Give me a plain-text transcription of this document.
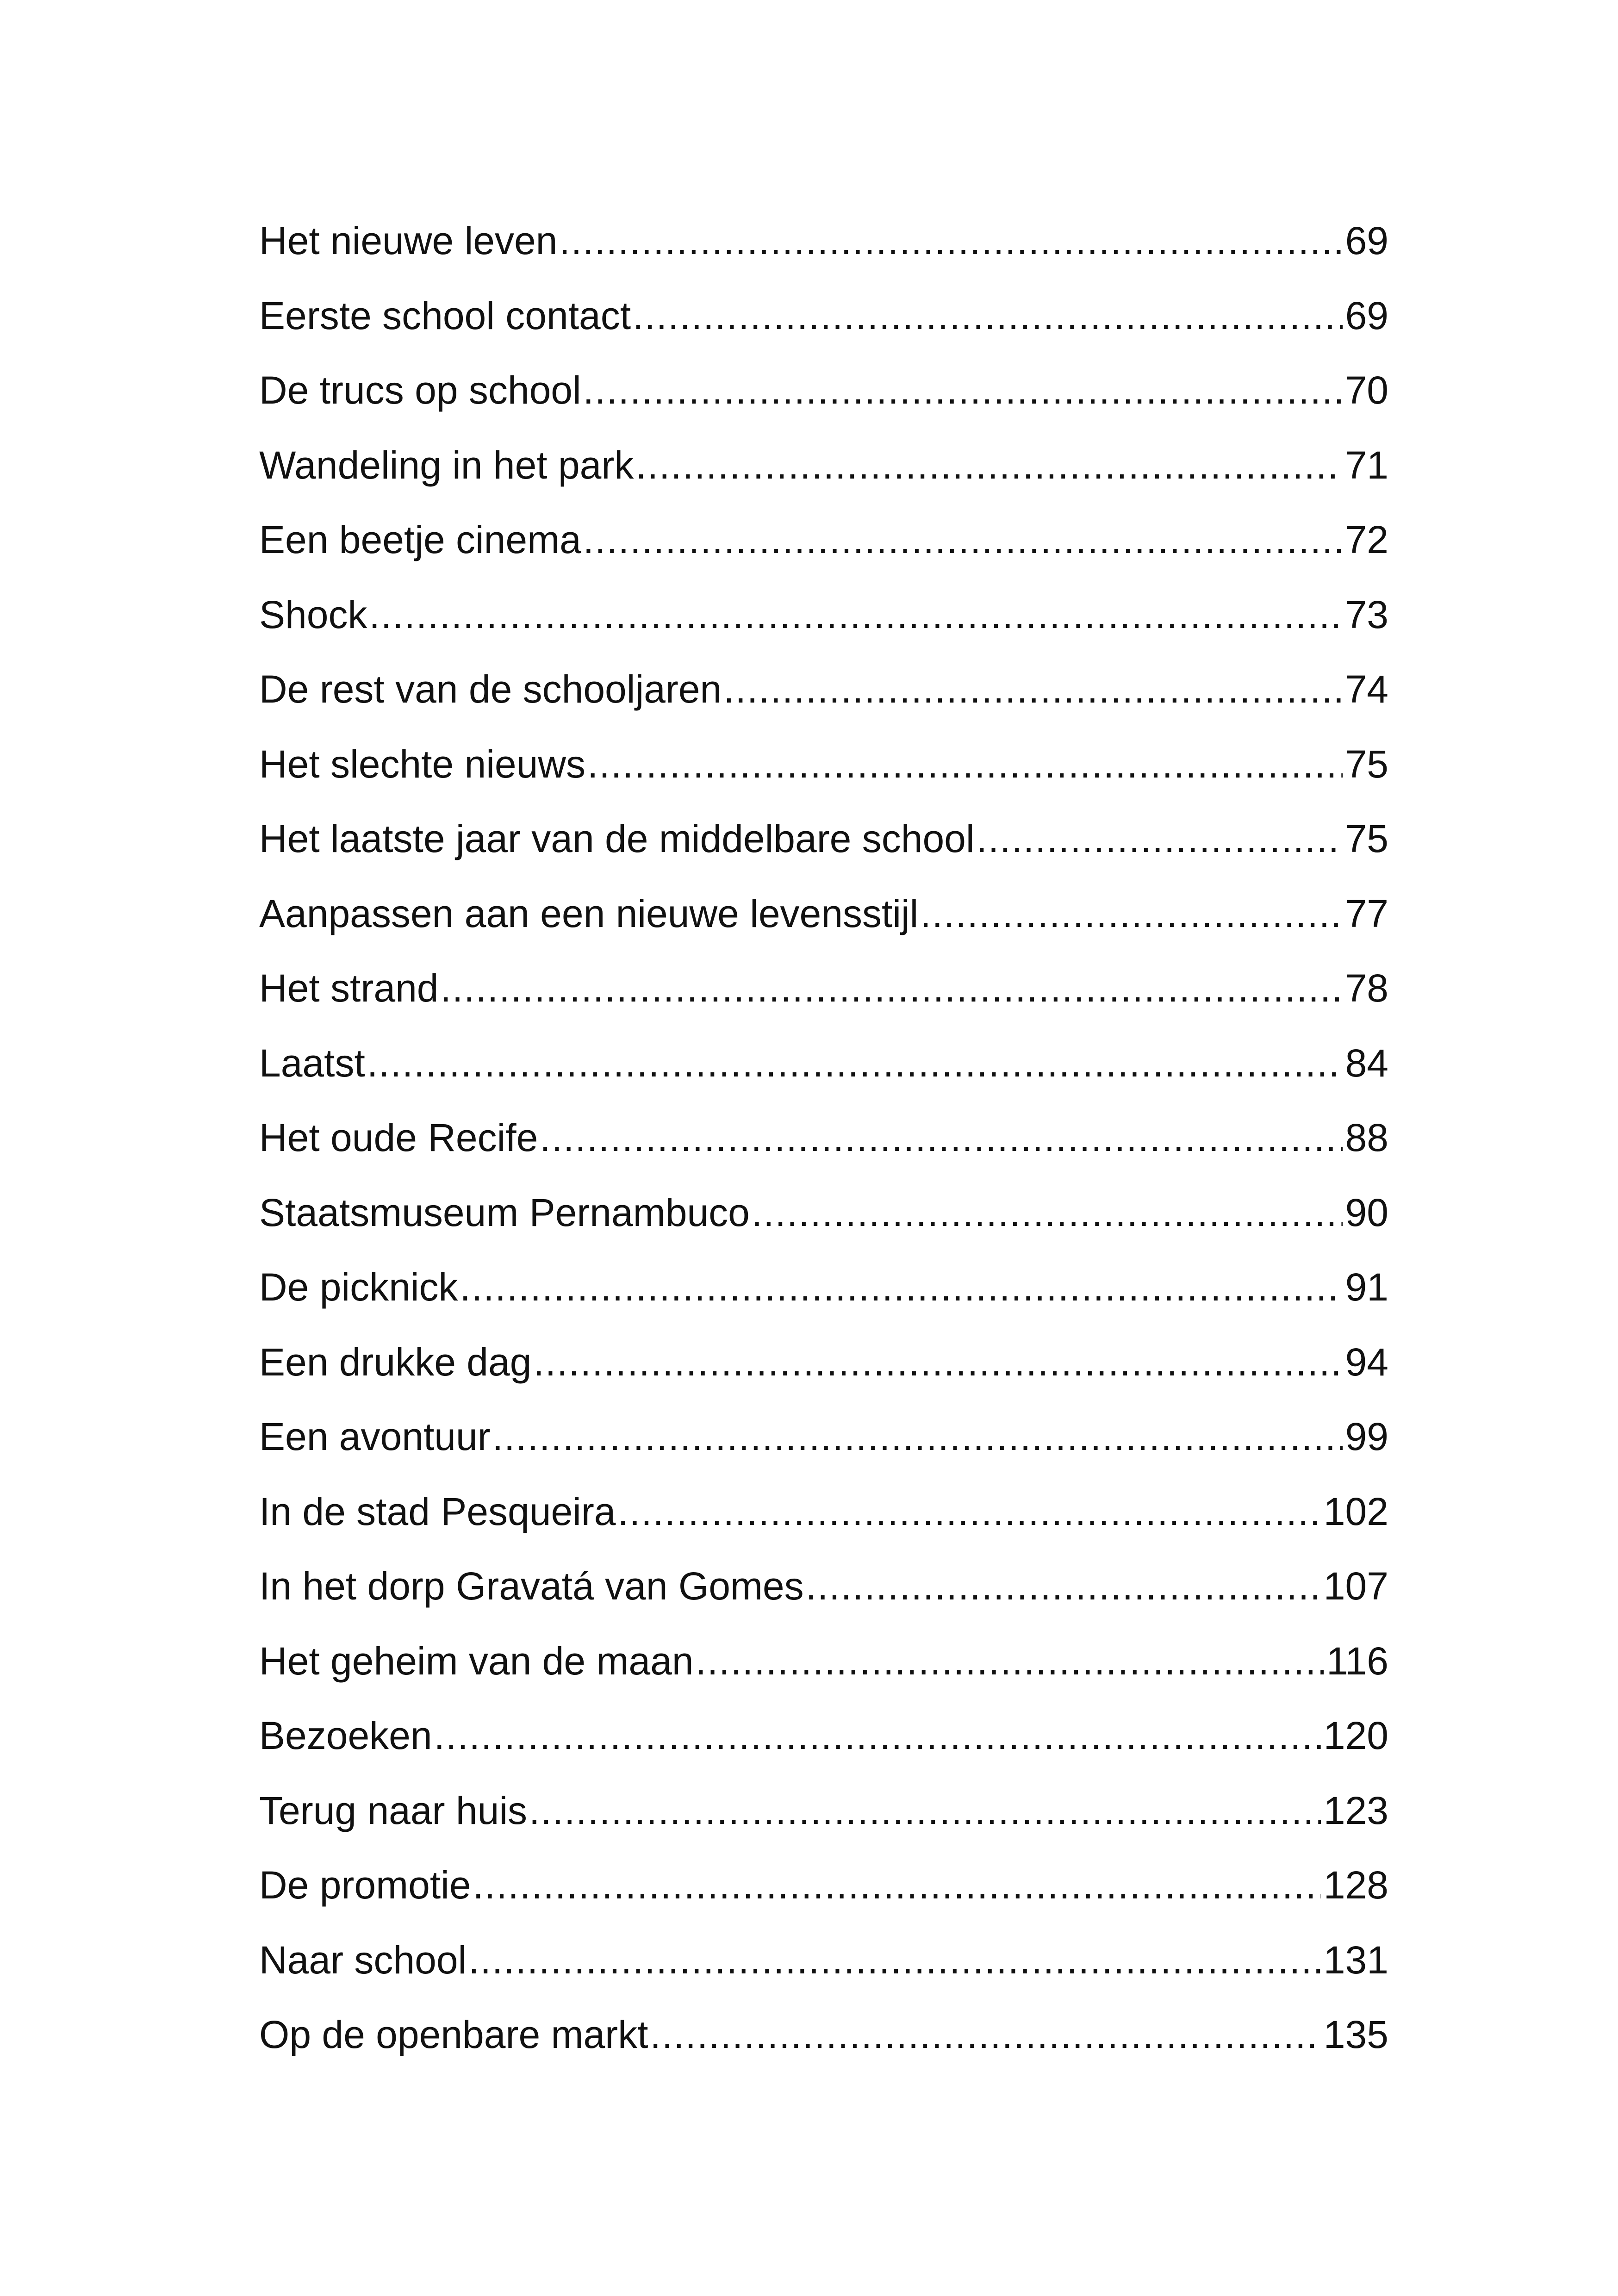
Het nieuwe leven .....	69
Eerste school contact .....	69
De trucs op school .....	70
Wandeling in het park .....	71
Een beetje cinema .....	72
Shock .....	73
De rest van de schooljaren .....	74
Het slechte nieuws .....	75
Het laatste jaar van de middelbare school .....	75
Aanpassen aan een nieuwe levensstijl .....	77
Het strand .....	78
Laatst .....	84
Het oude Recife .....	88
Staatsmuseum Pernambuco .....	90
De picknick .....	91
Een drukke dag .....	94
Een avontuur .....	99
In de stad Pesqueira .....	102
In het dorp Gravatá van Gomes .....	107
Het geheim van de maan .....	116
Bezoeken .....	120
Terug naar huis .....	123
De promotie .....	128
Naar school .....	131
Op de openbare markt .....	135
